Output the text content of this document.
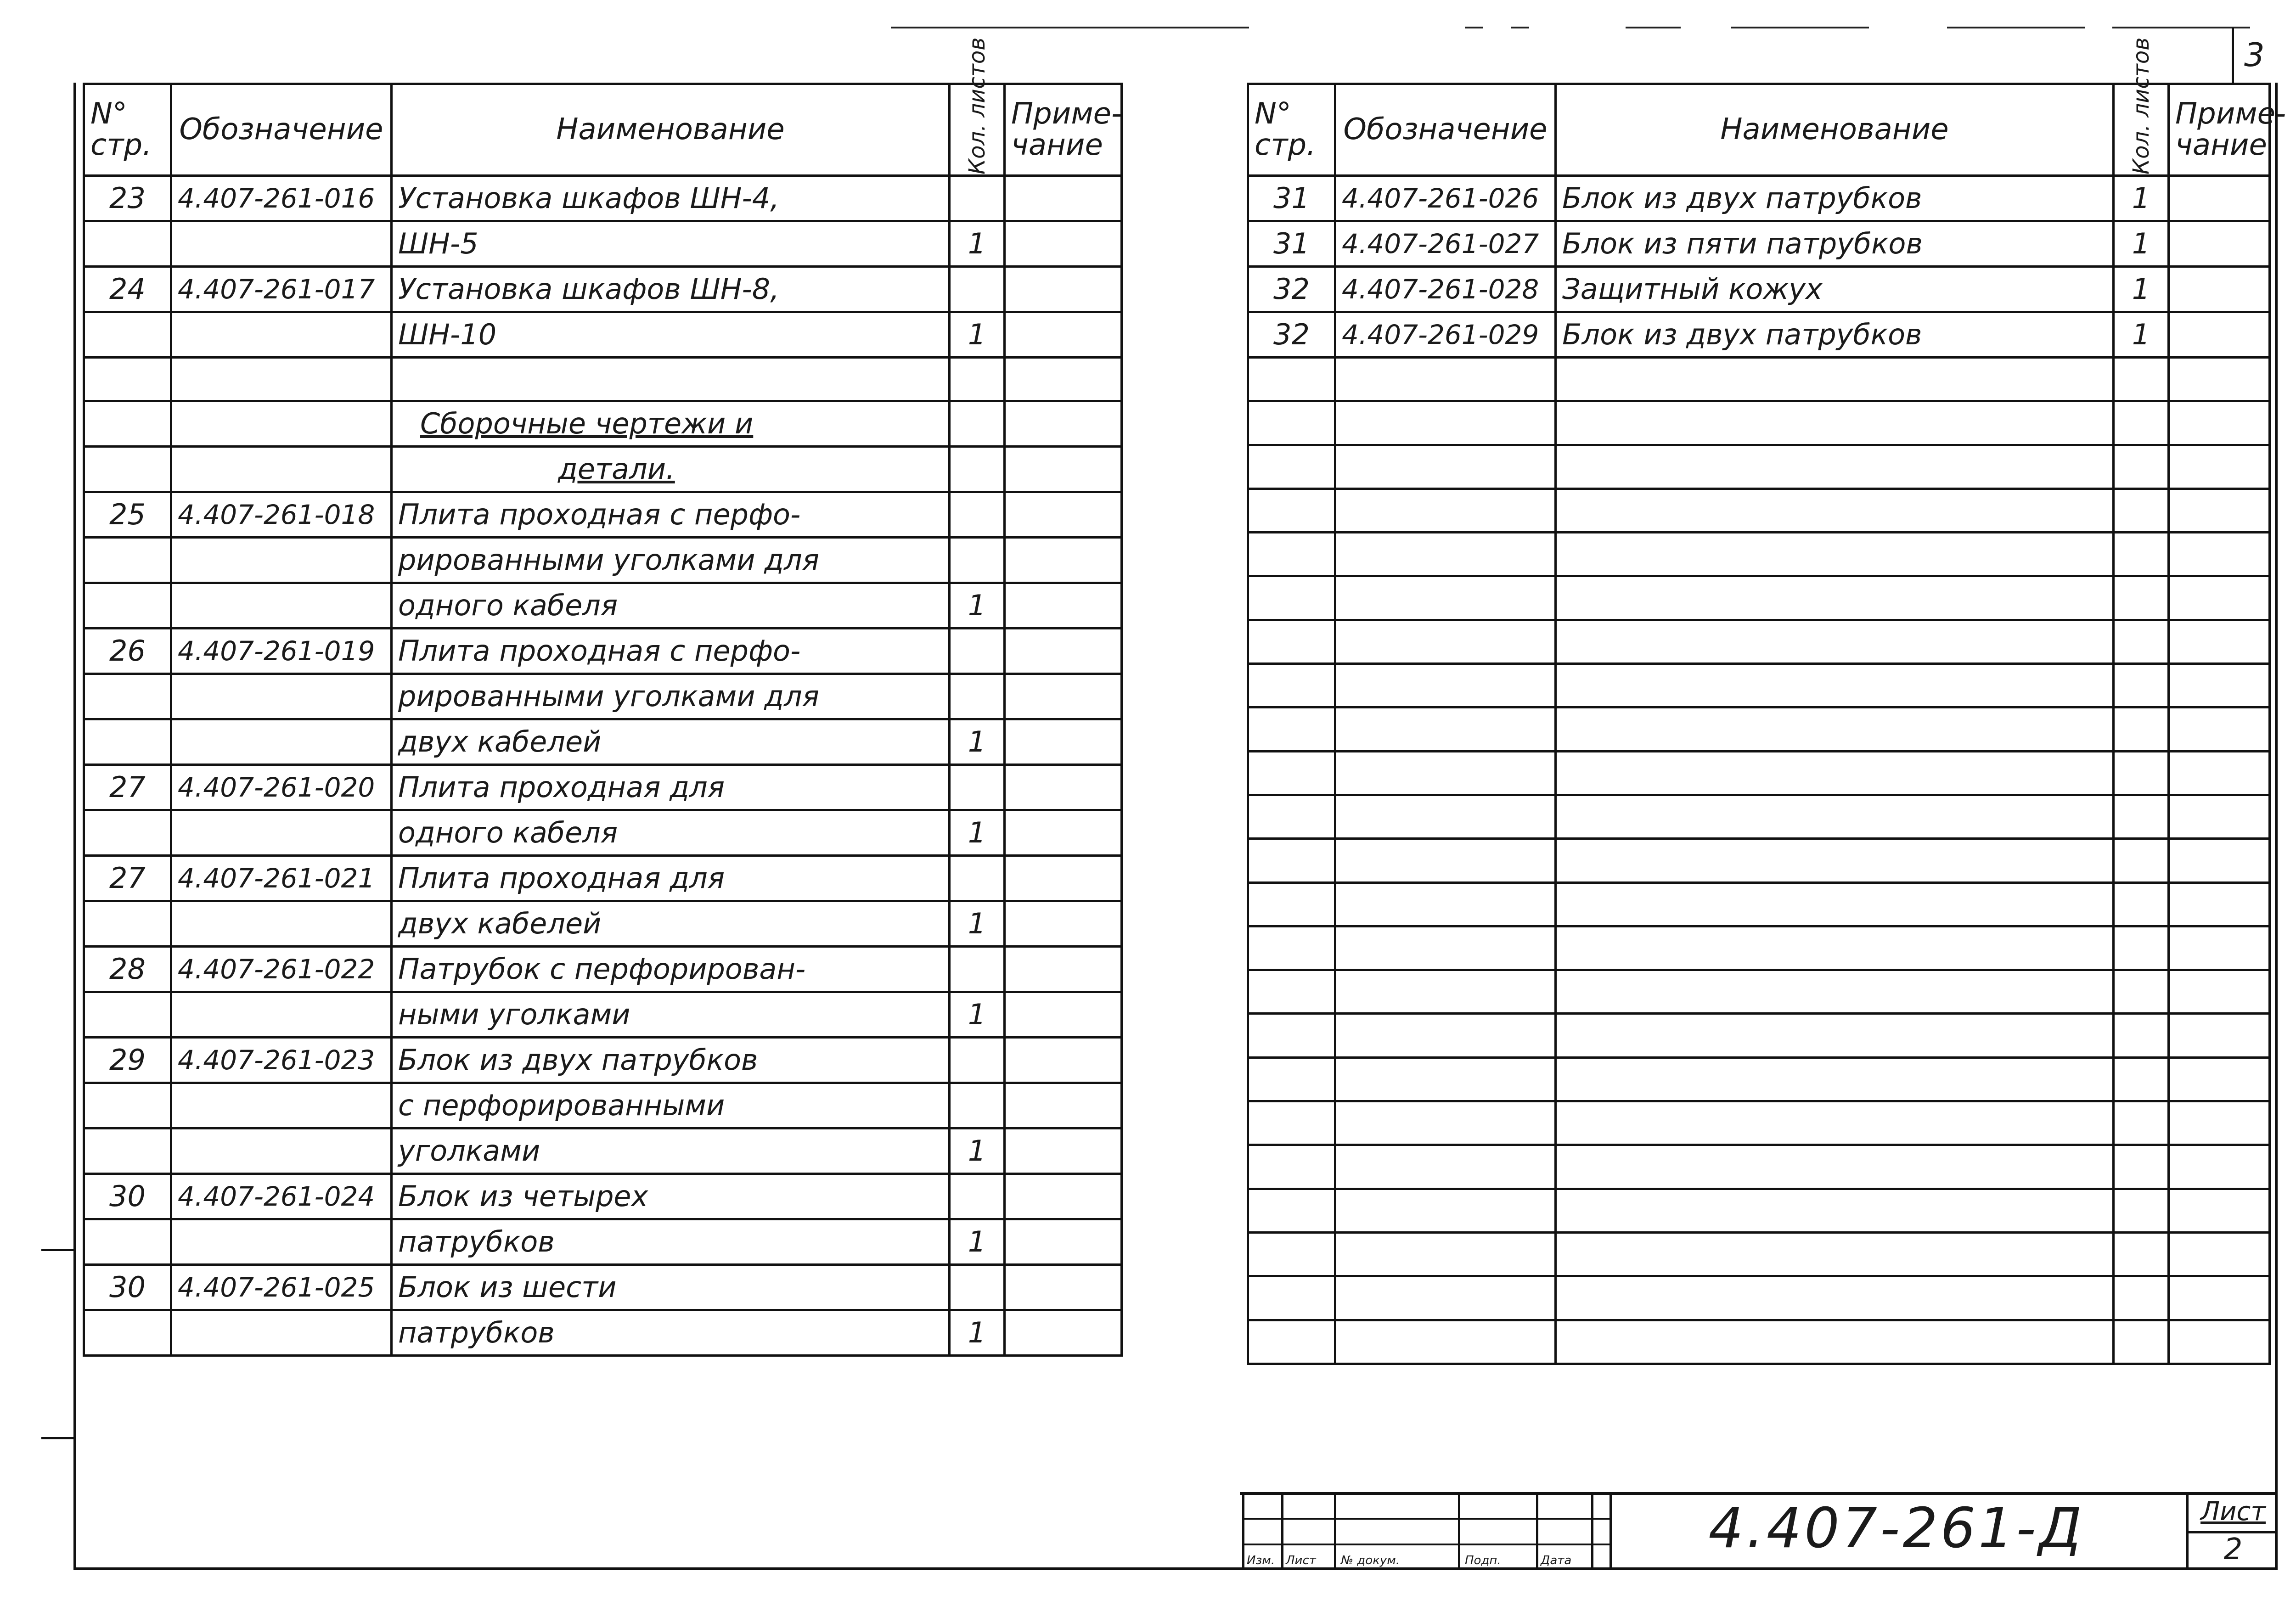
3
N°
стр.	Обозначение	Наименование	Кол. листов	Приме-
чание
23	4.407-261-016	Установка шкафов ШН-4,		
		ШН-5	1	
24	4.407-261-017	Установка шкафов ШН-8,		
		ШН-10	1	

		Сборочные чертежи и		
		детали.		
25	4.407-261-018	Плита проходная с перфо-		
		рированными уголками для		
		одного кабеля	1	
26	4.407-261-019	Плита проходная с перфо-		
		рированными уголками для		
		двух кабелей	1	
27	4.407-261-020	Плита проходная для		
		одного кабеля	1	
27	4.407-261-021	Плита проходная для		
		двух кабелей	1	
28	4.407-261-022	Патрубок с перфорирован-		
		ными уголками	1	
29	4.407-261-023	Блок из двух патрубков		
		с перфорированными		
		уголками	1	
30	4.407-261-024	Блок из четырех		
		патрубков	1	
30	4.407-261-025	Блок из шести		
		патрубков	1	
N°
стр.	Обозначение	Наименование	Кол. листов	Приме-
чание
31	4.407-261-026	Блок из двух патрубков	1	
31	4.407-261-027	Блок из пяти патрубков	1	
32	4.407-261-028	Защитный кожух	1	
32	4.407-261-029	Блок из двух патрубков	1	

Изм. Лист № докум.	Подп.	Дата	4.407-261-Д	Лист
2
